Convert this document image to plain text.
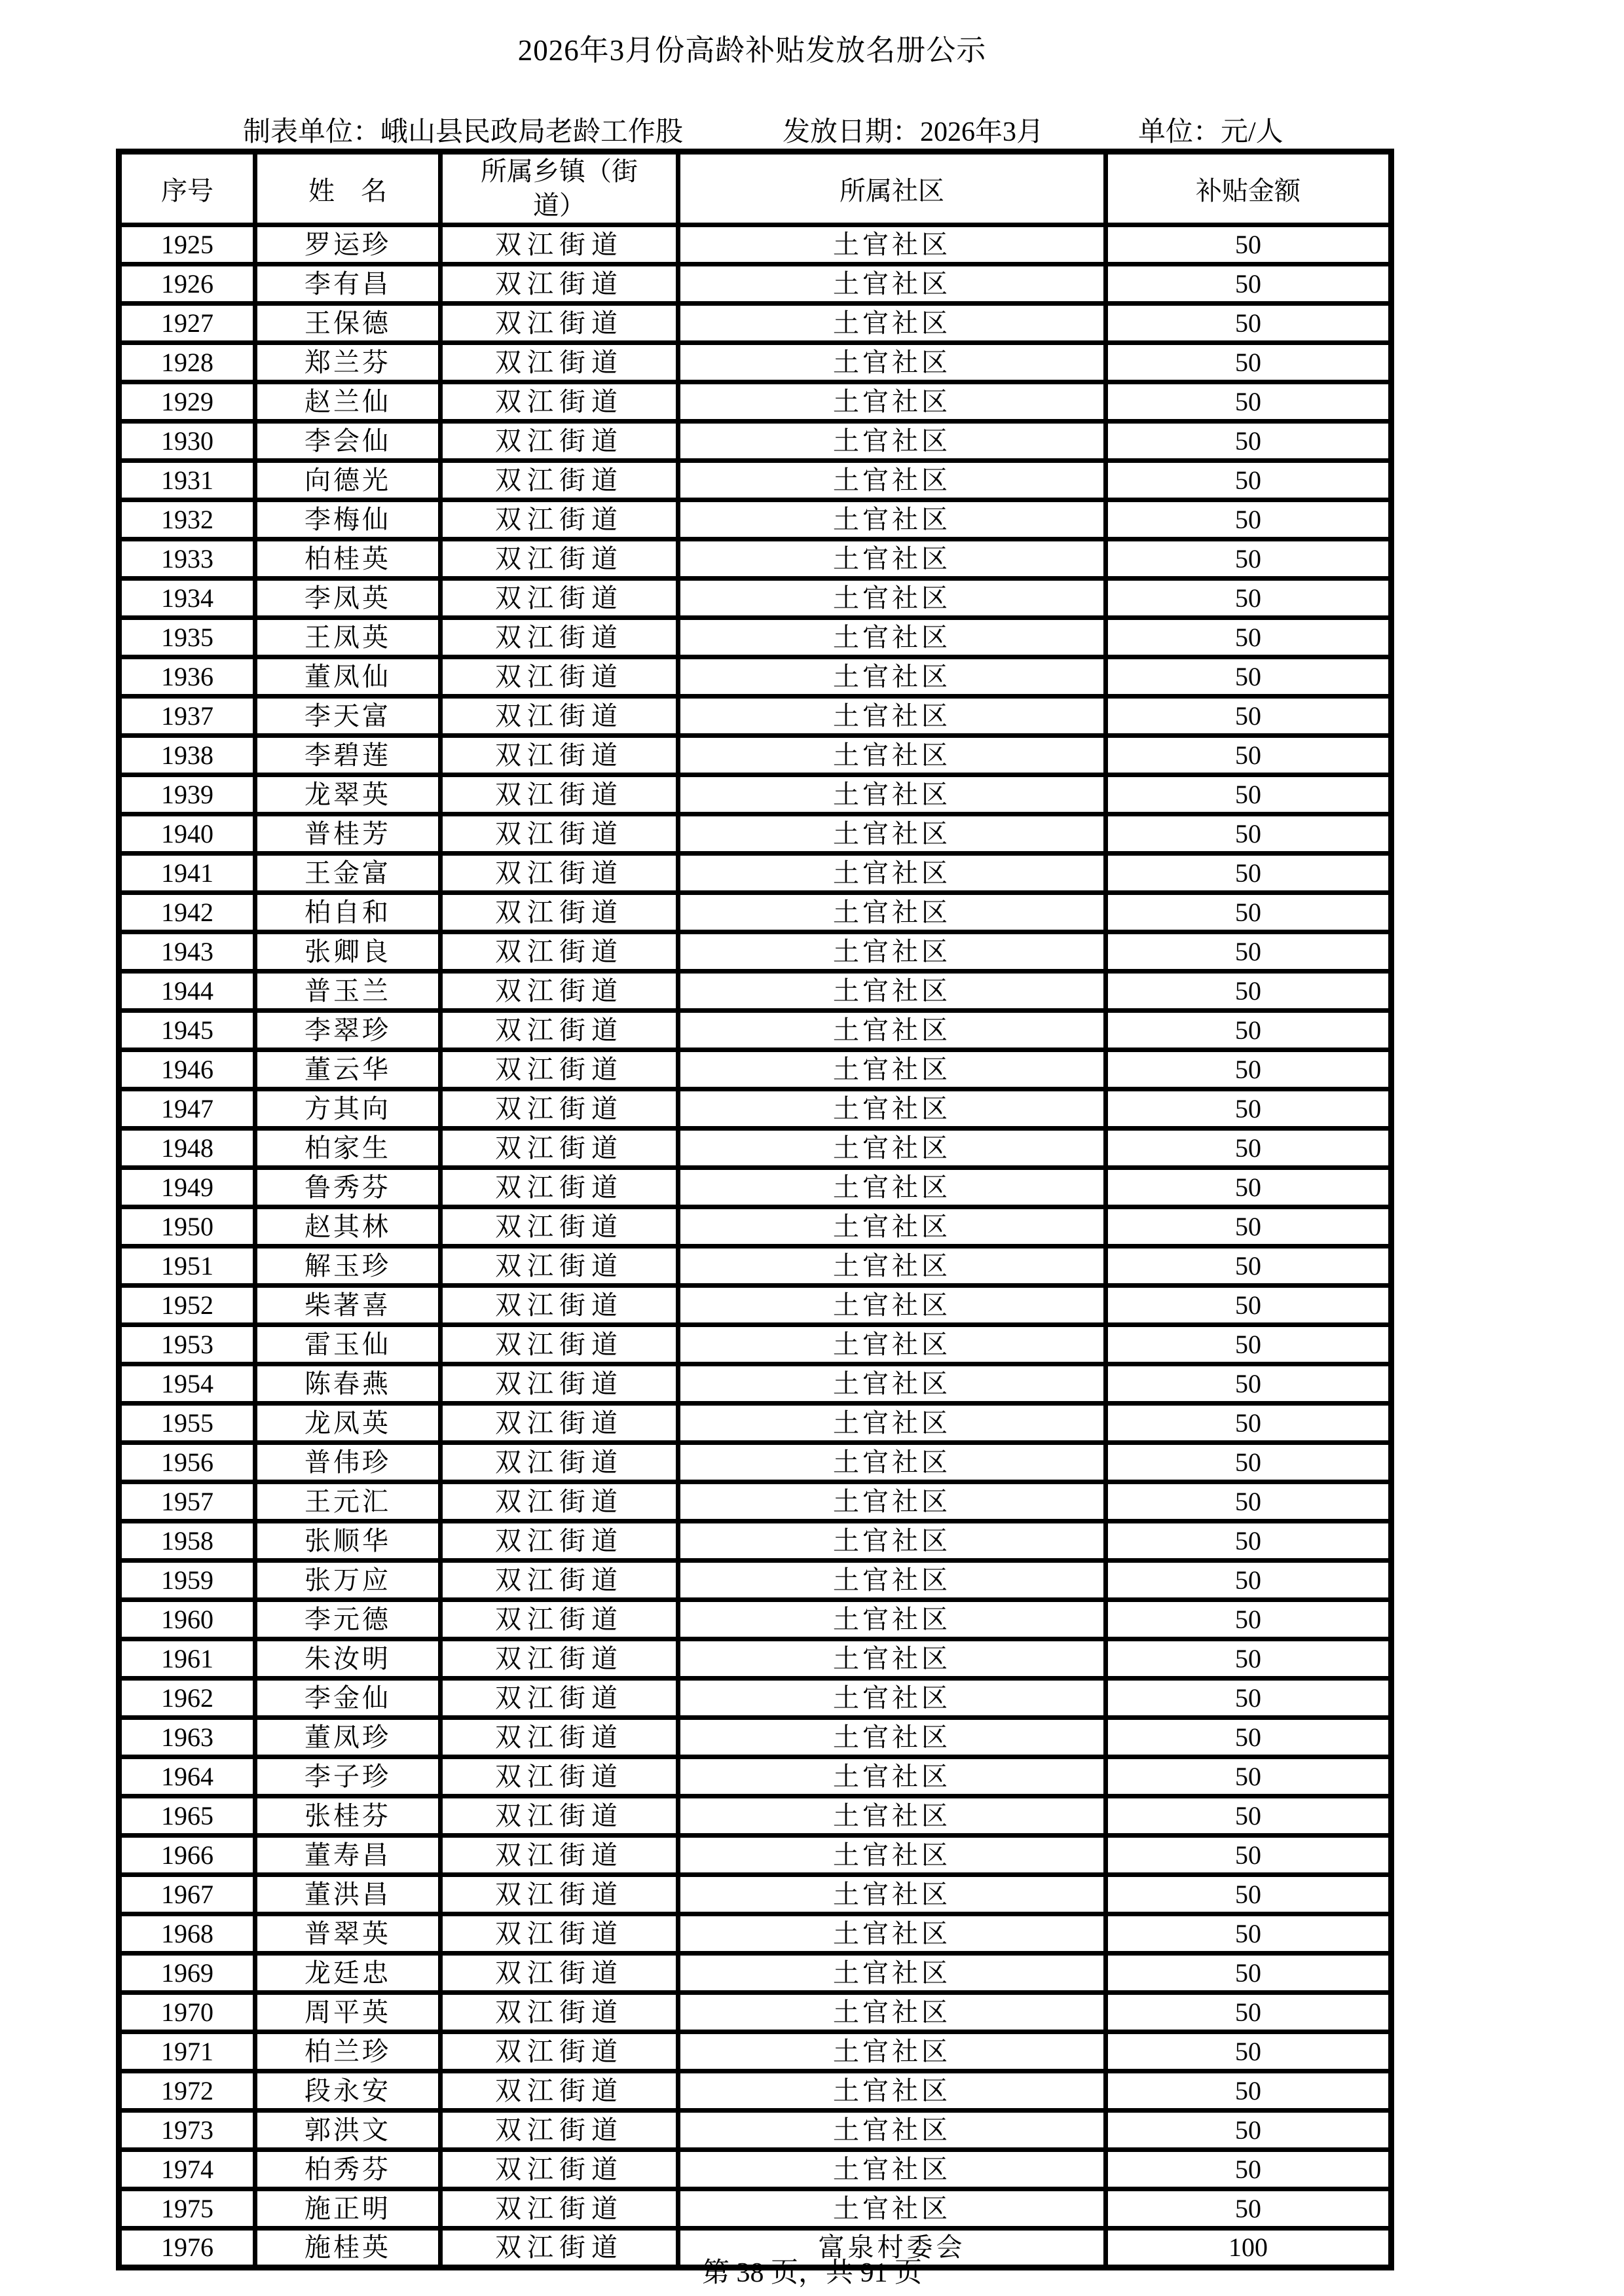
2026年3月份高龄补贴发放名册公示
制表单位：峨山县民政局老龄工作股	发放日期：2026年3月	单位：元/人
序号	姓　名	所属乡镇（街道）	所属社区	补贴金额
1925	罗运珍	双江街道	土官社区	50
1926	李有昌	双江街道	土官社区	50
1927	王保德	双江街道	土官社区	50
1928	郑兰芬	双江街道	土官社区	50
1929	赵兰仙	双江街道	土官社区	50
1930	李会仙	双江街道	土官社区	50
1931	向德光	双江街道	土官社区	50
1932	李梅仙	双江街道	土官社区	50
1933	柏桂英	双江街道	土官社区	50
1934	李凤英	双江街道	土官社区	50
1935	王凤英	双江街道	土官社区	50
1936	董凤仙	双江街道	土官社区	50
1937	李天富	双江街道	土官社区	50
1938	李碧莲	双江街道	土官社区	50
1939	龙翠英	双江街道	土官社区	50
1940	普桂芳	双江街道	土官社区	50
1941	王金富	双江街道	土官社区	50
1942	柏自和	双江街道	土官社区	50
1943	张卿良	双江街道	土官社区	50
1944	普玉兰	双江街道	土官社区	50
1945	李翠珍	双江街道	土官社区	50
1946	董云华	双江街道	土官社区	50
1947	方其向	双江街道	土官社区	50
1948	柏家生	双江街道	土官社区	50
1949	鲁秀芬	双江街道	土官社区	50
1950	赵其林	双江街道	土官社区	50
1951	解玉珍	双江街道	土官社区	50
1952	柴著喜	双江街道	土官社区	50
1953	雷玉仙	双江街道	土官社区	50
1954	陈春燕	双江街道	土官社区	50
1955	龙凤英	双江街道	土官社区	50
1956	普伟珍	双江街道	土官社区	50
1957	王元汇	双江街道	土官社区	50
1958	张顺华	双江街道	土官社区	50
1959	张万应	双江街道	土官社区	50
1960	李元德	双江街道	土官社区	50
1961	朱汝明	双江街道	土官社区	50
1962	李金仙	双江街道	土官社区	50
1963	董凤珍	双江街道	土官社区	50
1964	李子珍	双江街道	土官社区	50
1965	张桂芬	双江街道	土官社区	50
1966	董寿昌	双江街道	土官社区	50
1967	董洪昌	双江街道	土官社区	50
1968	普翠英	双江街道	土官社区	50
1969	龙廷忠	双江街道	土官社区	50
1970	周平英	双江街道	土官社区	50
1971	柏兰珍	双江街道	土官社区	50
1972	段永安	双江街道	土官社区	50
1973	郭洪文	双江街道	土官社区	50
1974	柏秀芬	双江街道	土官社区	50
1975	施正明	双江街道	土官社区	50
1976	施桂英	双江街道	富泉村委会	100
第 38 页，共 91 页
